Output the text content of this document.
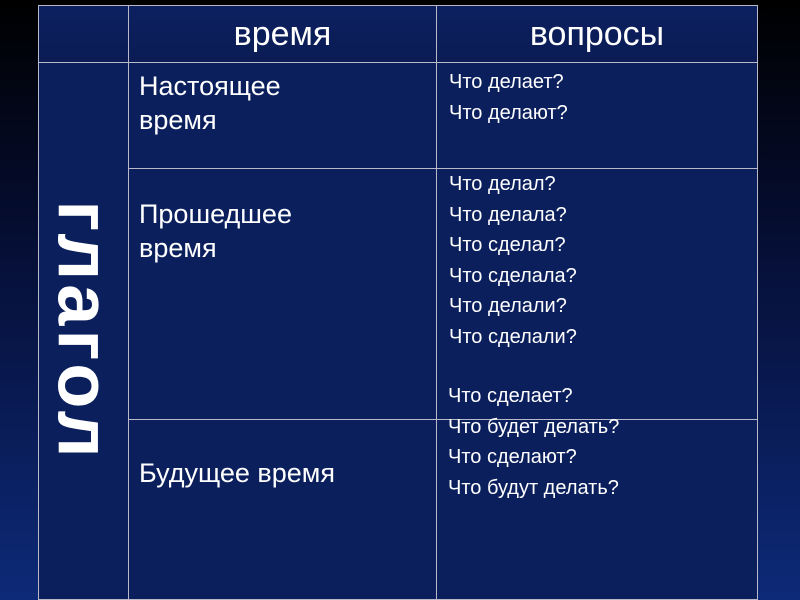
время	вопросы
глагол
Настоящее
время
Что делает?
Что делают?
Прошедшее
время
Что делал?
Что делала?
Что сделал?
Что сделала?
Что делали?
Что сделали?
Будущее время
Что сделает?
Что будет делать?
Что сделают?
Что будут делать?
